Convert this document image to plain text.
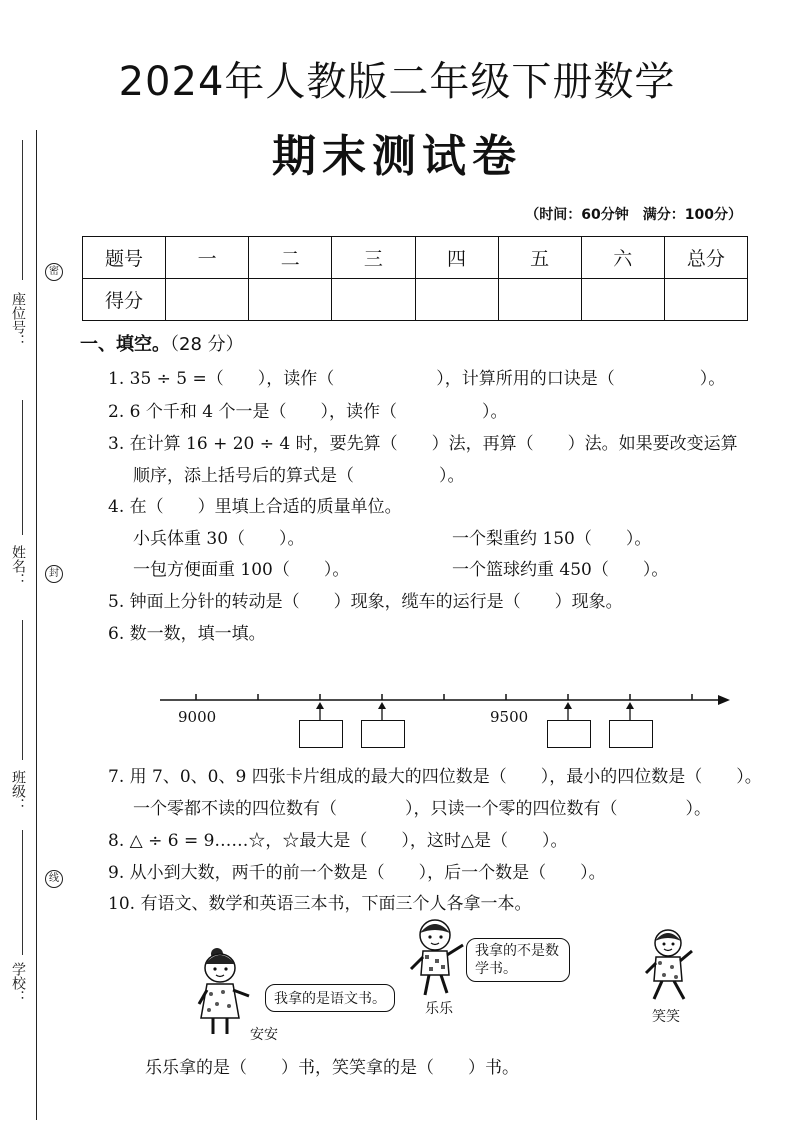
座位号：
姓名：
班级：
学校：
密
封
线
2024年人教版二年级下册数学
期末测试卷
（时间：60分钟　满分：100分）
题号	一	二	三	四	五	六	总分
得分							
一、填空。（28 分）
1. 35 ÷ 5 =（　　），读作（　　　　　　），计算所用的口诀是（　　　　　）。
2. 6 个千和 4 个一是（　　），读作（　　　　　）。
3. 在计算 16 + 20 ÷ 4 时，要先算（　　）法，再算（　　）法。如果要改变运算
顺序，添上括号后的算式是（　　　　　）。
4. 在（　　）里填上合适的质量单位。
小兵体重 30（　　）。	一个梨重约 150（　　）。
一包方便面重 100（　　）。	一个篮球约重 450（　　）。
5. 钟面上分针的转动是（　　）现象，缆车的运行是（　　）现象。
6. 数一数，填一填。
9000	9500
7. 用 7、0、0、9 四张卡片组成的最大的四位数是（　　），最小的四位数是（　　）。
一个零都不读的四位数有（　　　　），只读一个零的四位数有（　　　　）。
8. △ ÷ 6 = 9……☆，☆最大是（　　），这时△是（　　）。
9. 从小到大数，两千的前一个数是（　　），后一个数是（　　）。
10. 有语文、数学和英语三本书，下面三个人各拿一本。
我拿的是语文书。
安安
我拿的不是数学书。
乐乐	笑笑
乐乐拿的是（　　）书，笑笑拿的是（　　）书。
